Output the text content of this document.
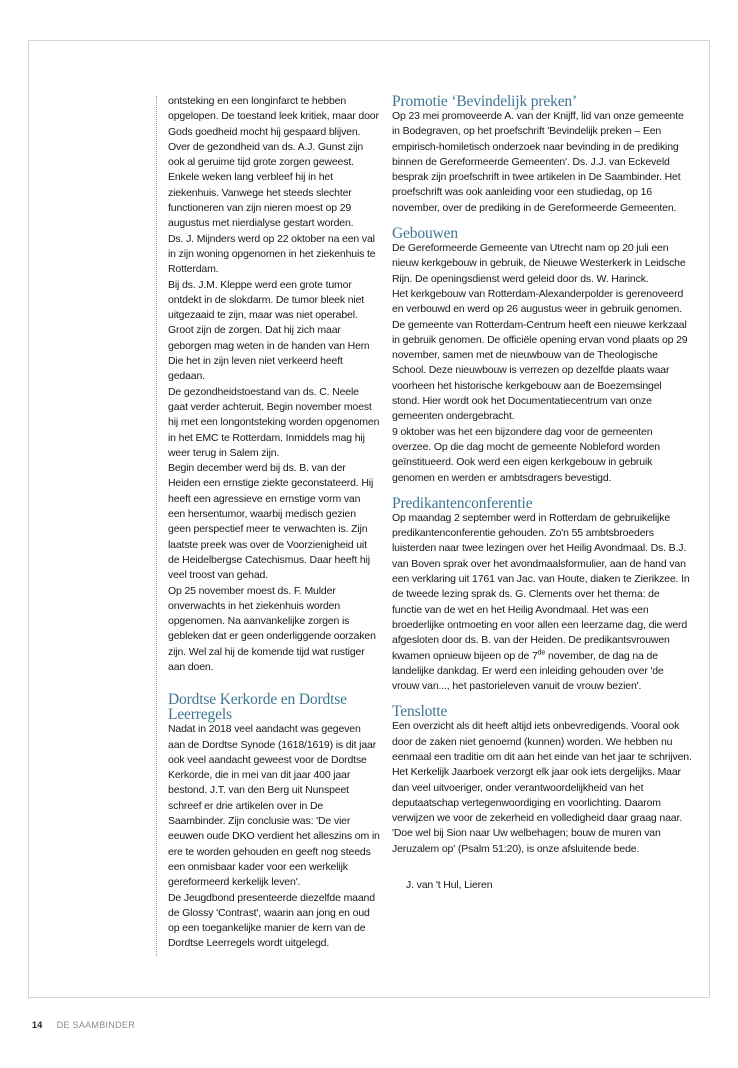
ontsteking en een longinfarct te hebben opgelopen. De toestand leek kritiek, maar door Gods goedheid mocht hij gespaard blijven.

Over de gezondheid van ds. A.J. Gunst zijn ook al geruime tijd grote zorgen geweest. Enkele weken lang verbleef hij in het ziekenhuis. Vanwege het steeds slechter functioneren van zijn nieren moest op 29 augustus met nierdialyse gestart worden.

Ds. J. Mijnders werd op 22 oktober na een val in zijn woning opgenomen in het ziekenhuis te Rotterdam.

Bij ds. J.M. Kleppe werd een grote tumor ontdekt in de slokdarm. De tumor bleek niet uitgezaaid te zijn, maar was niet operabel. Groot zijn de zorgen. Dat hij zich maar geborgen mag weten in de handen van Hem Die het in zijn leven niet verkeerd heeft gedaan.

De gezondheidstoestand van ds. C. Neele gaat verder achteruit. Begin november moest hij met een longontsteking worden opgenomen in het EMC te Rotterdam. Inmiddels mag hij weer terug in Salem zijn.

Begin december werd bij ds. B. van der Heiden een ernstige ziekte geconstateerd. Hij heeft een agressieve en ernstige vorm van een hersentumor, waarbij medisch gezien geen perspectief meer te verwachten is. Zijn laatste preek was over de Voorzienigheid uit de Heidelbergse Catechismus. Daar heeft hij veel troost van gehad.

Op 25 november moest ds. F. Mulder onverwachts in het ziekenhuis worden opgenomen. Na aanvankelijke zorgen is gebleken dat er geen onderliggende oorzaken zijn. Wel zal hij de komende tijd wat rustiger aan doen.

Dordtse Kerkorde en Dordtse Leerregels

Nadat in 2018 veel aandacht was gegeven aan de Dordtse Synode (1618/1619) is dit jaar ook veel aandacht geweest voor de Dordtse Kerkorde, die in mei van dit jaar 400 jaar bestond. J.T. van den Berg uit Nunspeet schreef er drie artikelen over in De Saambinder. Zijn conclusie was: 'De vier eeuwen oude DKO verdient het alleszins om in ere te worden gehouden en geeft nog steeds een onmisbaar kader voor een werkelijk gereformeerd kerkelijk leven'.

De Jeugdbond presenteerde diezelfde maand de Glossy 'Contrast', waarin aan jong en oud op een toegankelijke manier de kern van de Dordtse Leerregels wordt uitgelegd.

Promotie ‘Bevindelijk preken’

Op 23 mei promoveerde A. van der Knijff, lid van onze gemeente in Bodegraven, op het proefschrift 'Bevindelijk preken – Een empirisch-homiletisch onderzoek naar bevinding in de prediking binnen de Gereformeerde Gemeenten'. Ds. J.J. van Eckeveld besprak zijn proefschrift in twee artikelen in De Saambinder. Het proefschrift was ook aanleiding voor een studiedag, op 16 november, over de prediking in de Gereformeerde Gemeenten.

Gebouwen

De Gereformeerde Gemeente van Utrecht nam op 20 juli een nieuw kerkgebouw in gebruik, de Nieuwe Westerkerk in Leidsche Rijn. De openingsdienst werd geleid door ds. W. Harinck.

Het kerkgebouw van Rotterdam-Alexanderpolder is gerenoveerd en verbouwd en werd op 26 augustus weer in gebruik genomen.

De gemeente van Rotterdam-Centrum heeft een nieuwe kerkzaal in gebruik genomen. De officiële opening ervan vond plaats op 29 november, samen met de nieuwbouw van de Theologische School. Deze nieuwbouw is verrezen op dezelfde plaats waar voorheen het historische kerkgebouw aan de Boezemsingel stond. Hier wordt ook het Documentatiecentrum van onze gemeenten ondergebracht.

9 oktober was het een bijzondere dag voor de gemeenten overzee. Op die dag mocht de gemeente Nobleford worden geïnstitueerd. Ook werd een eigen kerkgebouw in gebruik genomen en werden er ambtsdragers bevestigd.

Predikantenconferentie

Op maandag 2 september werd in Rotterdam de gebruikelijke predikantenconferentie gehouden. Zo'n 55 ambtsbroeders luisterden naar twee lezingen over het Heilig Avondmaal. Ds. B.J. van Boven sprak over het avondmaalsformulier, aan de hand van een verklaring uit 1761 van Jac. van Houte, diaken te Zierikzee. In de tweede lezing sprak ds. G. Clements over het thema: de functie van de wet en het Heilig Avondmaal. Het was een broederlijke ontmoeting en voor allen een leerzame dag, die werd afgesloten door ds. B. van der Heiden. De predikantsvrouwen kwamen opnieuw bijeen op de 7de november, de dag na de landelijke dankdag. Er werd een inleiding gehouden over 'de vrouw van..., het pastorieleven vanuit de vrouw bezien'.

Tenslotte

Een overzicht als dit heeft altijd iets onbevredigends. Vooral ook door de zaken niet genoemd (kunnen) worden. We hebben nu eenmaal een traditie om dit aan het einde van het jaar te schrijven. Het Kerkelijk Jaarboek verzorgt elk jaar ook iets dergelijks. Maar dan veel uitvoeriger, onder verantwoordelijkheid van het deputaatschap vertegenwoordiging en voorlichting. Daarom verwijzen we voor de zekerheid en volledigheid daar graag naar.

'Doe wel bij Sion naar Uw welbehagen; bouw de muren van Jeruzalem op' (Psalm 51:20), is onze afsluitende bede.

J. van 't Hul, Lieren

14 DE SAAMBINDER
